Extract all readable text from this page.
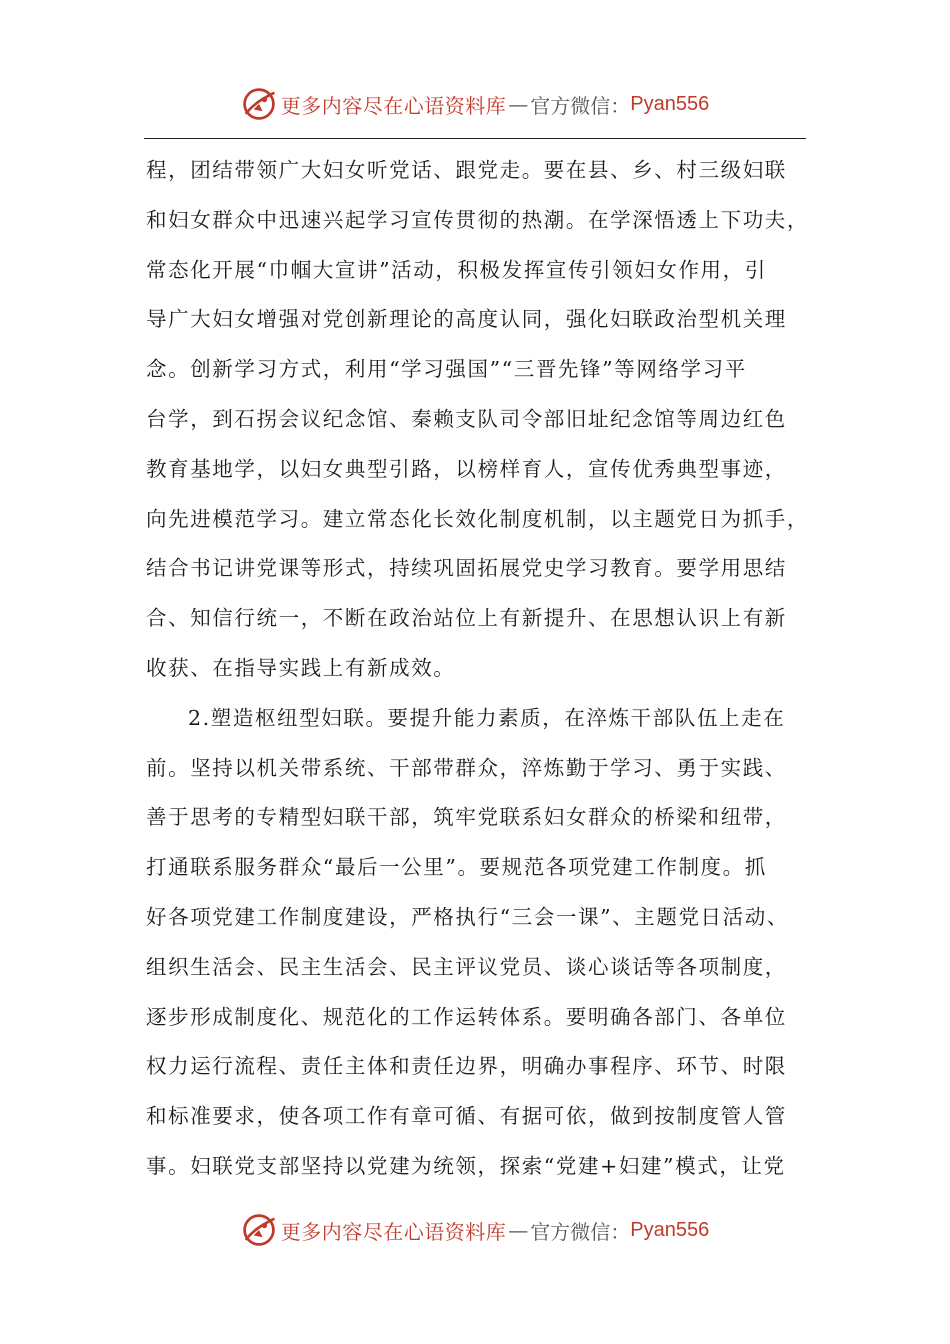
更多内容尽在心语资料库 — 官方微信： Pyan556
程，团结带领广大妇女听党话、跟党走。要在县、乡、村三级妇联
和妇女群众中迅速兴起学习宣传贯彻的热潮。在学深悟透上下功夫，
常态化开展“巾帼大宣讲”活动，积极发挥宣传引领妇女作用，引
导广大妇女增强对党创新理论的高度认同，强化妇联政治型机关理
念。创新学习方式，利用“学习强国”“三晋先锋”等网络学习平
台学，到石拐会议纪念馆、秦赖支队司令部旧址纪念馆等周边红色
教育基地学，以妇女典型引路，以榜样育人，宣传优秀典型事迹，
向先进模范学习。建立常态化长效化制度机制，以主题党日为抓手，
结合书记讲党课等形式，持续巩固拓展党史学习教育。要学用思结
合、知信行统一，不断在政治站位上有新提升、在思想认识上有新
收获、在指导实践上有新成效。
2.塑造枢纽型妇联。要提升能力素质，在淬炼干部队伍上走在
前。坚持以机关带系统、干部带群众，淬炼勤于学习、勇于实践、
善于思考的专精型妇联干部，筑牢党联系妇女群众的桥梁和纽带，
打通联系服务群众“最后一公里”。要规范各项党建工作制度。抓
好各项党建工作制度建设，严格执行“三会一课”、主题党日活动、
组织生活会、民主生活会、民主评议党员、谈心谈话等各项制度，
逐步形成制度化、规范化的工作运转体系。要明确各部门、各单位
权力运行流程、责任主体和责任边界，明确办事程序、环节、时限
和标准要求，使各项工作有章可循、有据可依，做到按制度管人管
事。妇联党支部坚持以党建为统领，探索“党建+妇建”模式，让党
更多内容尽在心语资料库 — 官方微信： Pyan556
